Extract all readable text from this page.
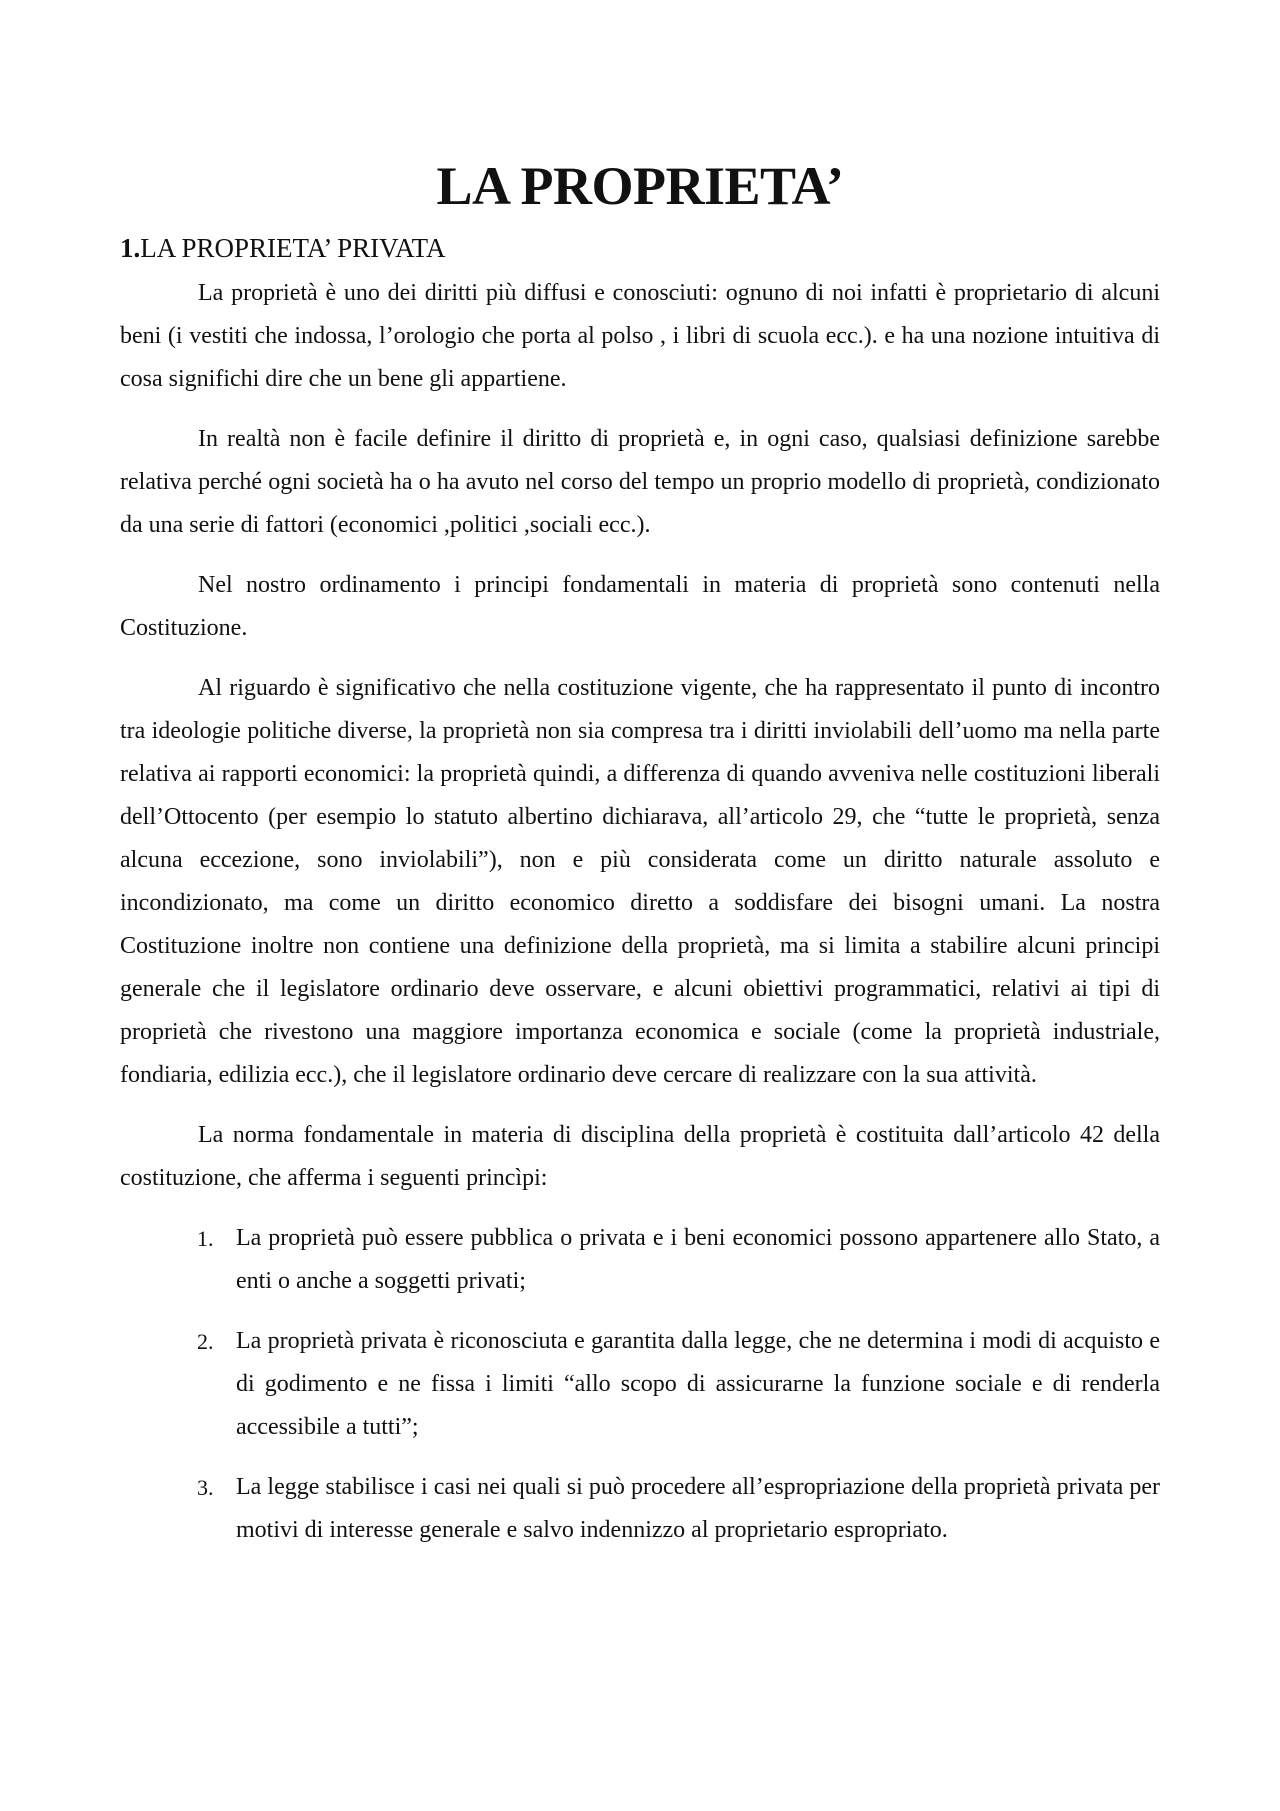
LA PROPRIETA’
1.LA PROPRIETA’ PRIVATA

La proprietà è uno dei diritti più diffusi e conosciuti: ognuno di noi infatti è proprietario di alcuni beni (i vestiti che indossa, l’orologio che porta al polso , i libri di scuola ecc.). e ha una nozione intuitiva di cosa significhi dire che un bene gli appartiene.

In realtà non è facile definire il diritto di proprietà e, in ogni caso, qualsiasi definizione sarebbe relativa perché ogni società ha o ha avuto nel corso del tempo un proprio modello di proprietà, condizionato da una serie di fattori (economici ,politici ,sociali ecc.).

Nel nostro ordinamento i principi fondamentali in materia di proprietà sono contenuti nella Costituzione.

Al riguardo è significativo che nella costituzione vigente, che ha rappresentato il punto di incontro tra ideologie politiche diverse, la proprietà non sia compresa tra i diritti inviolabili dell’uomo ma nella parte relativa ai rapporti economici: la proprietà quindi, a differenza di quando avveniva nelle costituzioni liberali dell’Ottocento (per esempio lo statuto albertino dichiarava, all’articolo 29, che “tutte le proprietà, senza alcuna eccezione, sono inviolabili”), non e più considerata come un diritto naturale assoluto e incondizionato, ma come un diritto economico diretto a soddisfare dei bisogni umani. La nostra Costituzione inoltre non contiene una definizione della proprietà, ma si limita a stabilire alcuni principi generale che il legislatore ordinario deve osservare, e alcuni obiettivi programmatici, relativi ai tipi di proprietà che rivestono una maggiore importanza economica e sociale (come la proprietà industriale, fondiaria, edilizia ecc.), che il legislatore ordinario deve cercare di realizzare con la sua attività.

La norma fondamentale in materia di disciplina della proprietà è costituita dall’articolo 42 della costituzione, che afferma i seguenti princìpi:

1. La proprietà può essere pubblica o privata e i beni economici possono appartenere allo Stato, a enti o anche a soggetti privati;
2. La proprietà privata è riconosciuta e garantita dalla legge, che ne determina i modi di acquisto e di godimento e ne fissa i limiti “allo scopo di assicurarne la funzione sociale e di renderla accessibile a tutti”;
3. La legge stabilisce i casi nei quali si può procedere all’espropriazione della proprietà privata per motivi di interesse generale e salvo indennizzo al proprietario espropriato.
